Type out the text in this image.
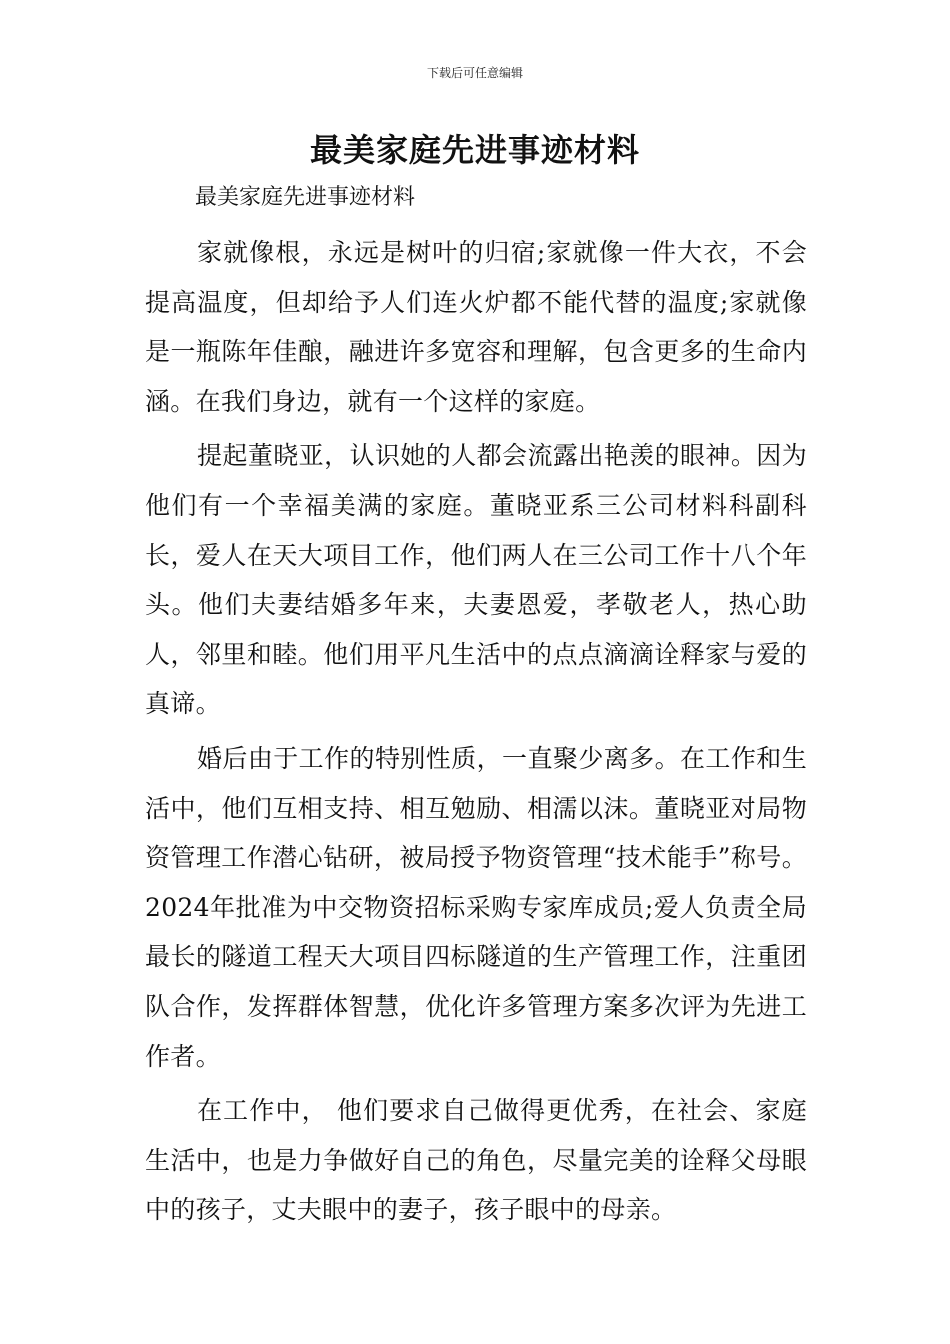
下载后可任意编辑
最美家庭先进事迹材料

最美家庭先进事迹材料

家就像根，永远是树叶的归宿;家就像一件大衣，不会提高温度，但却给予人们连火炉都不能代替的温度;家就像是一瓶陈年佳酿，融进许多宽容和理解，包含更多的生命内涵。在我们身边，就有一个这样的家庭。

提起董晓亚，认识她的人都会流露出艳羡的眼神。因为他们有一个幸福美满的家庭。董晓亚系三公司材料科副科长，爱人在天大项目工作，他们两人在三公司工作十八个年头。他们夫妻结婚多年来，夫妻恩爱，孝敬老人，热心助人，邻里和睦。他们用平凡生活中的点点滴滴诠释家与爱的真谛。

婚后由于工作的特别性质，一直聚少离多。在工作和生活中，他们互相支持、相互勉励、相濡以沫。董晓亚对局物资管理工作潜心钻研，被局授予物资管理“技术能手”称号。2024年批准为中交物资招标采购专家库成员;爱人负责全局最长的隧道工程天大项目四标隧道的生产管理工作，注重团队合作，发挥群体智慧，优化许多管理方案多次评为先进工作者。

在工作中， 他们要求自己做得更优秀，在社会、家庭生活中，也是力争做好自己的角色，尽量完美的诠释父母眼中的孩子，丈夫眼中的妻子，孩子眼中的母亲。
